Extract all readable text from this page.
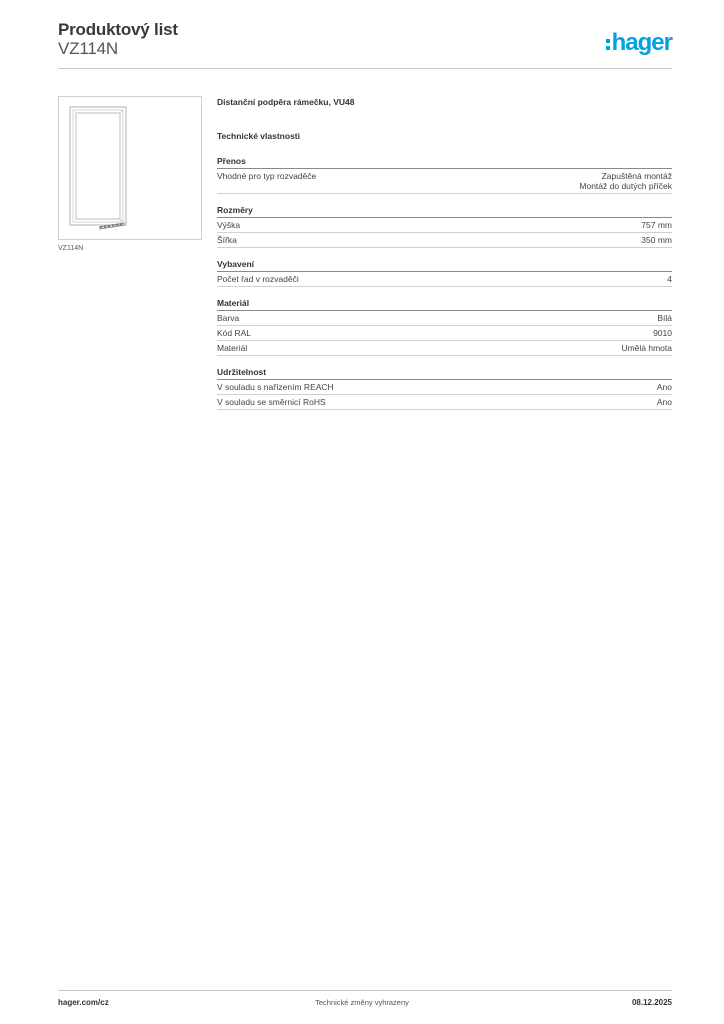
Produktový list
VZ114N	hager
VZ114N
Distanční podpěra rámečku, VU48
Technické vlastnosti
Přenos
Vhodné pro typ rozvaděče	Zapuštěná montáž
Montáž do dutých příček
Rozměry
Výška	757 mm
Šířka	350 mm
Vybavení
Počet řad v rozvaděči	4
Materiál
Barva	Bílá
Kód RAL	9010
Materiál	Umělá hmota
Udržitelnost
V souladu s nařízením REACH	Ano
V souladu se směrnicí RoHS	Ano
hager.com/cz	Technické změny vyhrazeny	08.12.2025
